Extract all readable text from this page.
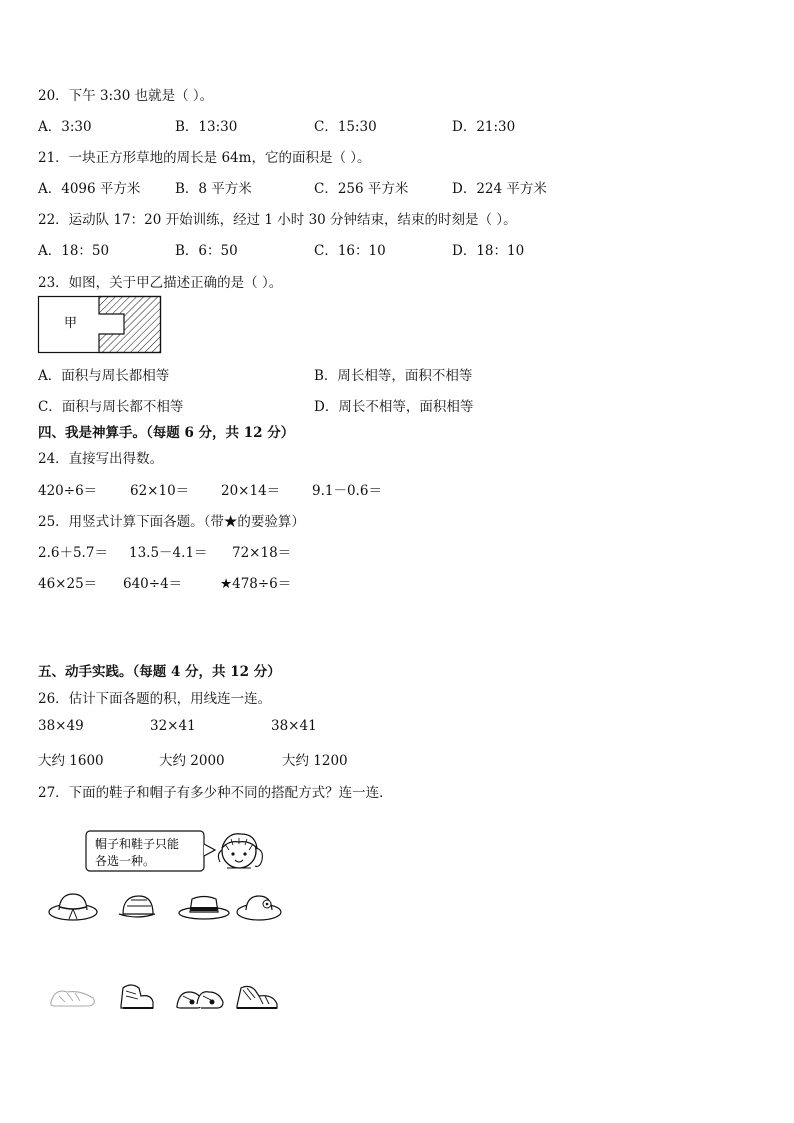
20．下午 3:30 也就是（ ）。
A．3:30	B．13:30	C．15:30	D．21:30
21．一块正方形草地的周长是 64m，它的面积是（ ）。
A．4096 平方米	B．8 平方米	C．256 平方米	D．224 平方米
22．运动队 17：20 开始训练，经过 1 小时 30 分钟结束，结束的时刻是（ ）。
A．18：50	B．6：50	C．16：10	D．18：10
23．如图，关于甲乙描述正确的是（ ）。
甲
A．面积与周长都相等	B．周长相等，面积不相等
C．面积与周长都不相等	D．周长不相等，面积相等
四、我是神算手。（每题 6 分，共 12 分）
24．直接写出得数。
420÷6＝ 62×10＝ 20×14＝ 9.1－0.6＝
25．用竖式计算下面各题。（带★的要验算）
2.6＋5.7＝ 13.5－4.1＝ 72×18＝
46×25＝ 640÷4＝	★478÷6＝
五、动手实践。（每题 4 分，共 12 分）
26．估计下面各题的积，用线连一连。
38×49	32×41	38×41
大约 1600	大约 2000	大约 1200
27．下面的鞋子和帽子有多少种不同的搭配方式？连一连．
帽子和鞋子只能
各选一种。
